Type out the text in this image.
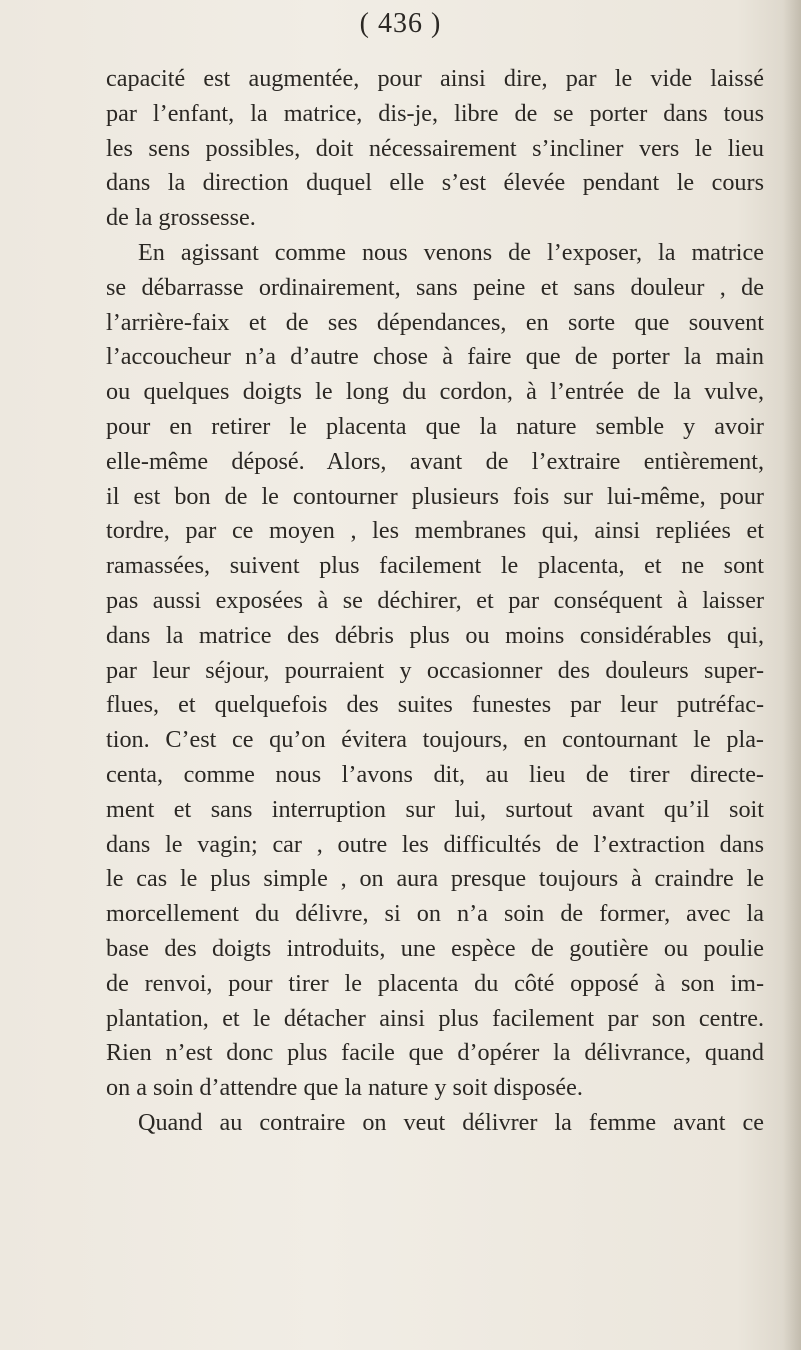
( 436 )
capacité est augmentée, pour ainsi dire, par le vide laissé
par l’enfant, la matrice, dis-je, libre de se porter dans tous
les sens possibles, doit nécessairement s’incliner vers le lieu
dans la direction duquel elle s’est élevée pendant le cours
de la grossesse.
En agissant comme nous venons de l’exposer, la matrice
se débarrasse ordinairement, sans peine et sans douleur , de
l’arrière-faix et de ses dépendances, en sorte que souvent
l’accoucheur n’a d’autre chose à faire que de porter la main
ou quelques doigts le long du cordon, à l’entrée de la vulve,
pour en retirer le placenta que la nature semble y avoir
elle-même déposé. Alors, avant de l’extraire entièrement,
il est bon de le contourner plusieurs fois sur lui-même, pour
tordre, par ce moyen , les membranes qui, ainsi repliées et
ramassées, suivent plus facilement le placenta, et ne sont
pas aussi exposées à se déchirer, et par conséquent à laisser
dans la matrice des débris plus ou moins considérables qui,
par leur séjour, pourraient y occasionner des douleurs super-
flues, et quelquefois des suites funestes par leur putréfac-
tion. C’est ce qu’on évitera toujours, en contournant le pla-
centa, comme nous l’avons dit, au lieu de tirer directe-
ment et sans interruption sur lui, surtout avant qu’il soit
dans le vagin; car , outre les difficultés de l’extraction dans
le cas le plus simple , on aura presque toujours à craindre le
morcellement du délivre, si on n’a soin de former, avec la
base des doigts introduits, une espèce de goutière ou poulie
de renvoi, pour tirer le placenta du côté opposé à son im-
plantation, et le détacher ainsi plus facilement par son centre.
Rien n’est donc plus facile que d’opérer la délivrance, quand
on a soin d’attendre que la nature y soit disposée.
Quand au contraire on veut délivrer la femme avant ce
